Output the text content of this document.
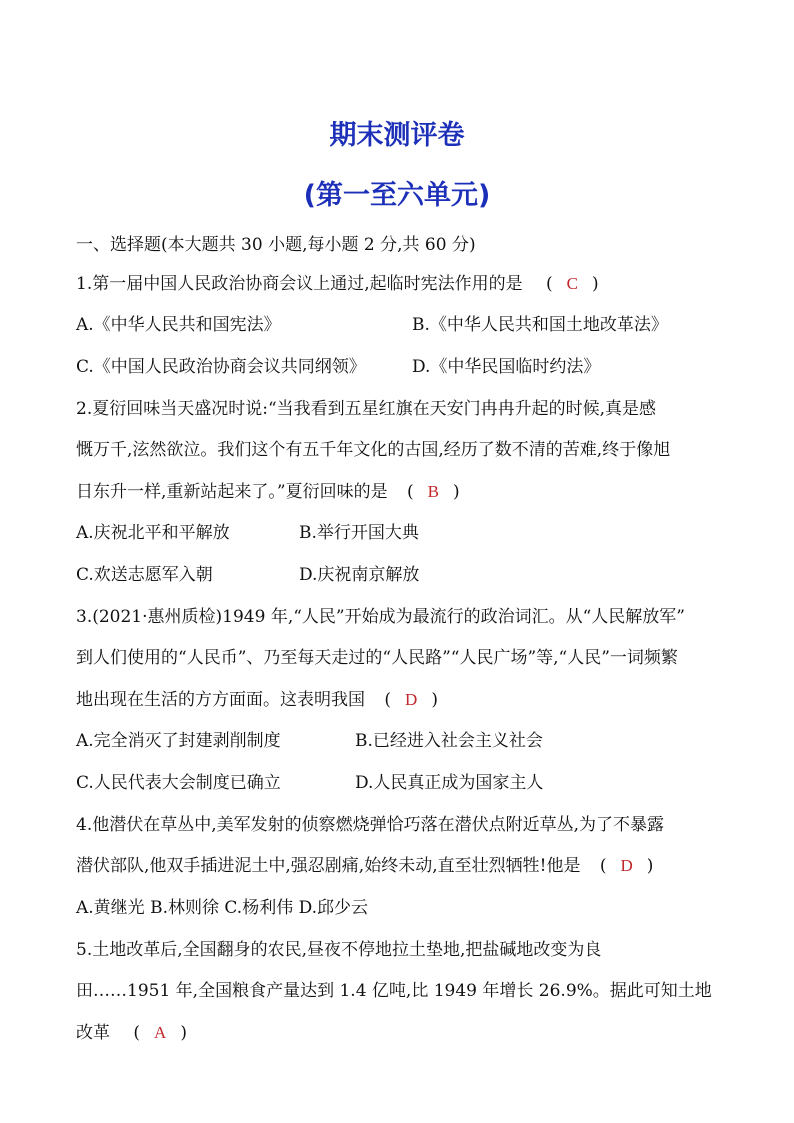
期末测评卷
(第一至六单元)
一、选择题(本大题共 30 小题,每小题 2 分,共 60 分)
1.第一届中国人民政治协商会议上通过,起临时宪法作用的是 ( C )
A.《中华人民共和国宪法》	B.《中华人民共和国土地改革法》
C.《中国人民政治协商会议共同纲领》	D.《中华民国临时约法》
2.夏衍回味当天盛况时说:“当我看到五星红旗在天安门冉冉升起的时候,真是感
慨万千,泫然欲泣。我们这个有五千年文化的古国,经历了数不清的苦难,终于像旭
日东升一样,重新站起来了。”夏衍回味的是 ( B )
A.庆祝北平和平解放	B.举行开国大典
C.欢送志愿军入朝	D.庆祝南京解放
3.(2021·惠州质检)1949 年,“人民”开始成为最流行的政治词汇。从“人民解放军”
到人们使用的“人民币”、乃至每天走过的“人民路”“人民广场”等,“人民”一词频繁
地出现在生活的方方面面。这表明我国 ( D )
A.完全消灭了封建剥削制度	B.已经进入社会主义社会
C.人民代表大会制度已确立	D.人民真正成为国家主人
4.他潜伏在草丛中,美军发射的侦察燃烧弹恰巧落在潜伏点附近草丛,为了不暴露
潜伏部队,他双手插进泥土中,强忍剧痛,始终未动,直至壮烈牺牲!他是 ( D )
A.黄继光 B.林则徐 C.杨利伟 D.邱少云
5.土地改革后,全国翻身的农民,昼夜不停地拉土垫地,把盐碱地改变为良
田……1951 年,全国粮食产量达到 1.4 亿吨,比 1949 年增长 26.9%。据此可知土地
改革 ( A )
